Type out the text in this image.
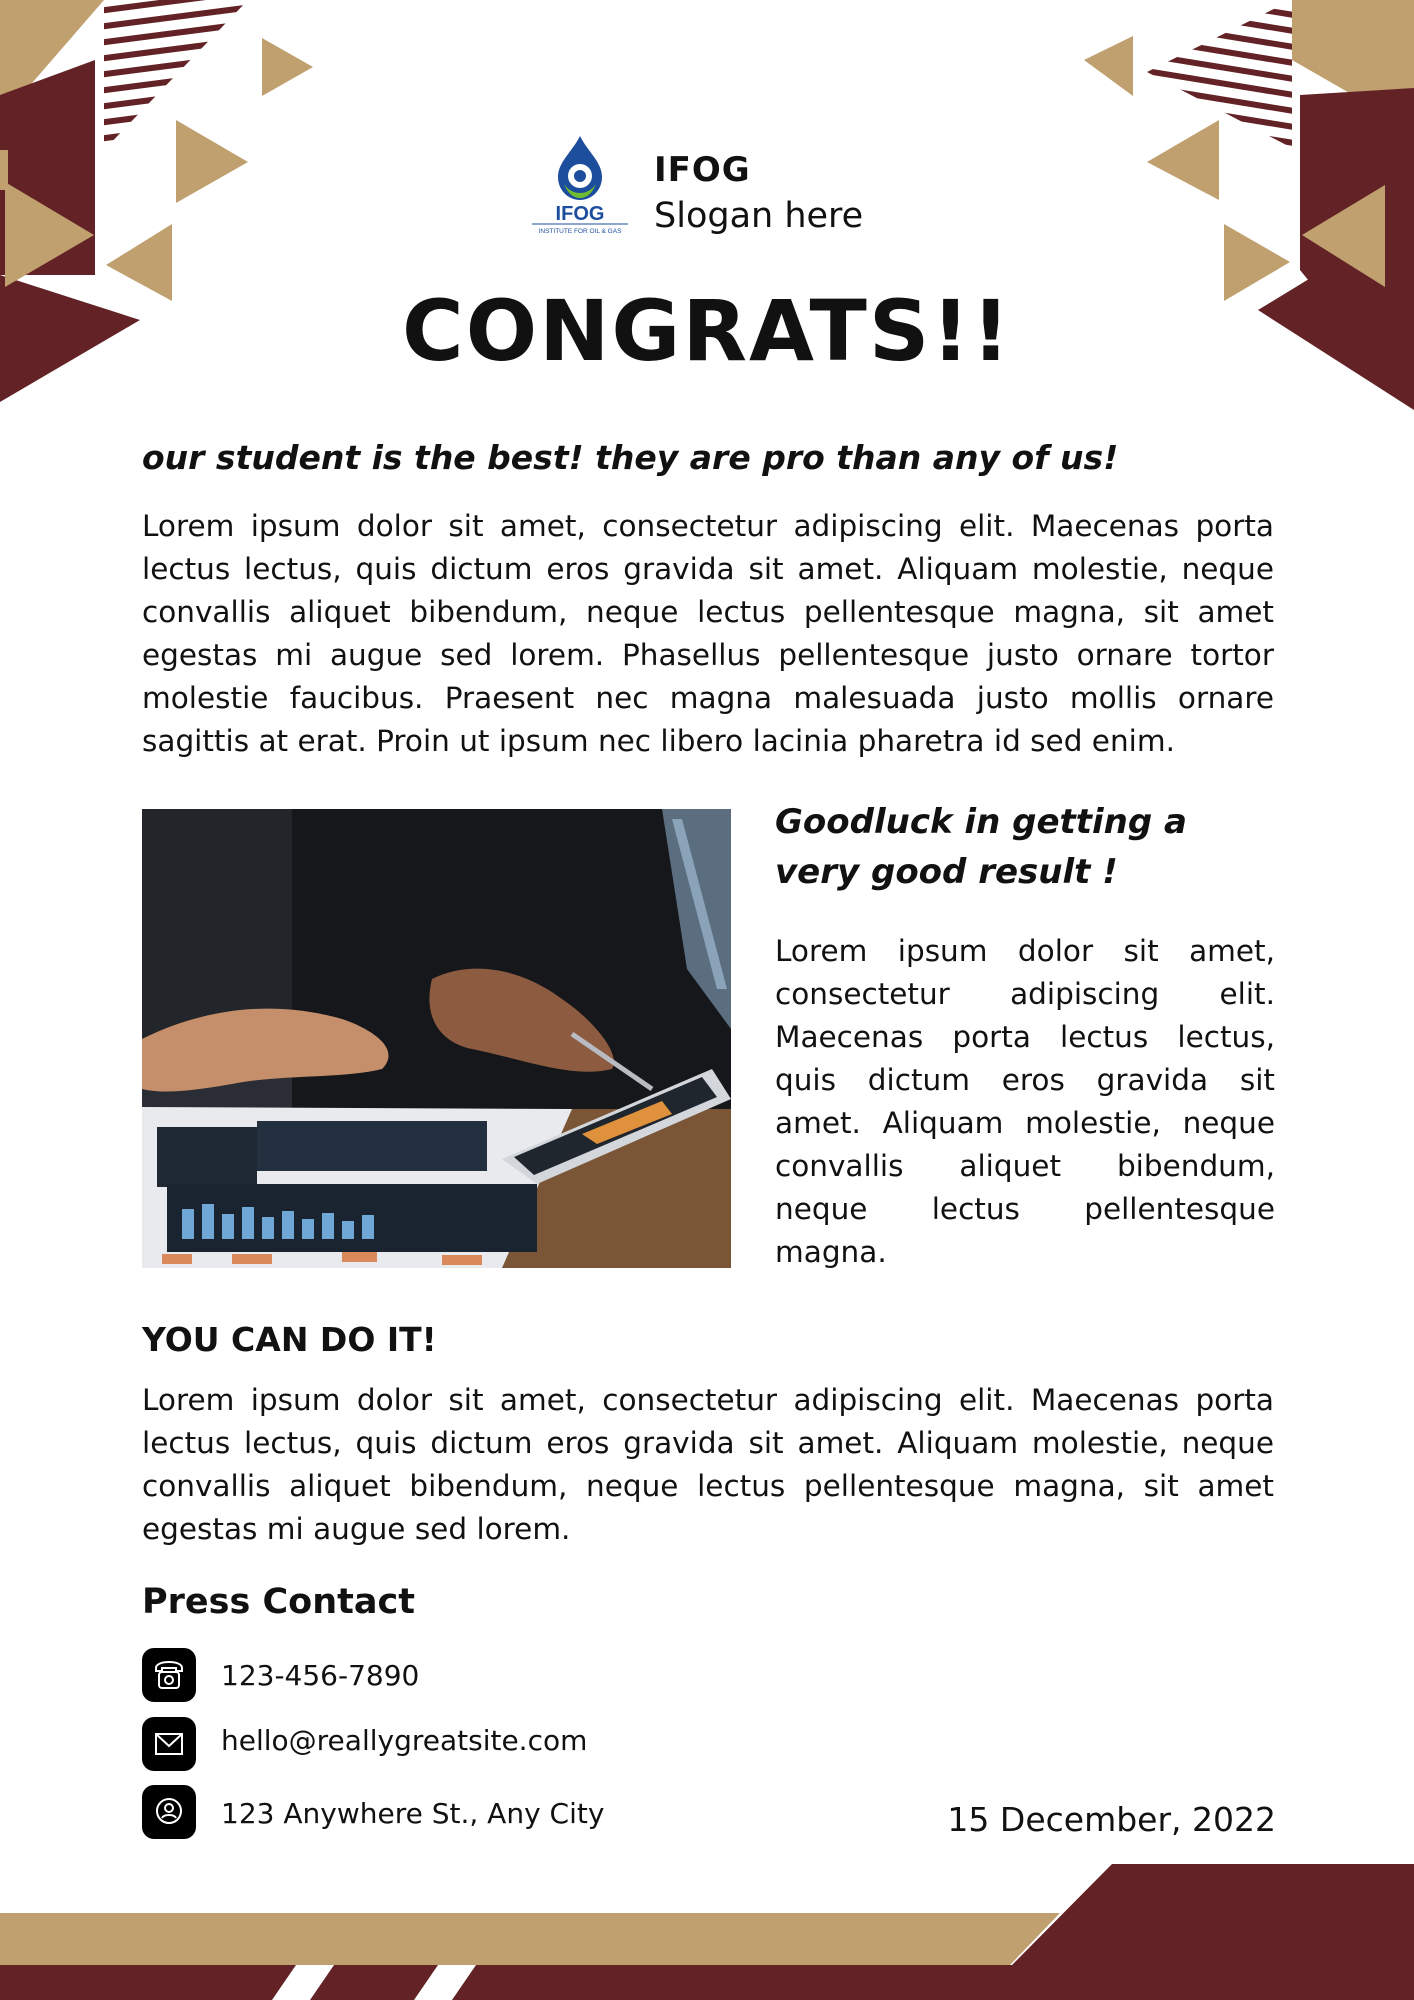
IFOG
INSTITUTE FOR OIL & GAS
IFOG
Slogan here
CONGRATS!!
our student is the best! they are pro than any of us!

Lorem ipsum dolor sit amet, consectetur adipiscing elit. Maecenas porta lectus lectus, quis dictum eros gravida sit amet. Aliquam molestie, neque convallis aliquet bibendum, neque lectus pellentesque magna, sit amet egestas mi augue sed lorem. Phasellus pellentesque justo ornare tortor molestie faucibus. Praesent nec magna malesuada justo mollis ornare sagittis at erat. Proin ut ipsum nec libero lacinia pharetra id sed enim.

Goodluck in getting a very good result !

Lorem ipsum dolor sit amet, consectetur adipiscing elit. Maecenas porta lectus lectus, quis dictum eros gravida sit amet. Aliquam molestie, neque convallis aliquet bibendum, neque lectus pellentesque magna.

YOU CAN DO IT!

Lorem ipsum dolor sit amet, consectetur adipiscing elit. Maecenas porta lectus lectus, quis dictum eros gravida sit amet. Aliquam molestie, neque convallis aliquet bibendum, neque lectus pellentesque magna, sit amet egestas mi augue sed lorem.

Press Contact
123-456-7890
hello@reallygreatsite.com
123 Anywhere St., Any City	15 December, 2022
